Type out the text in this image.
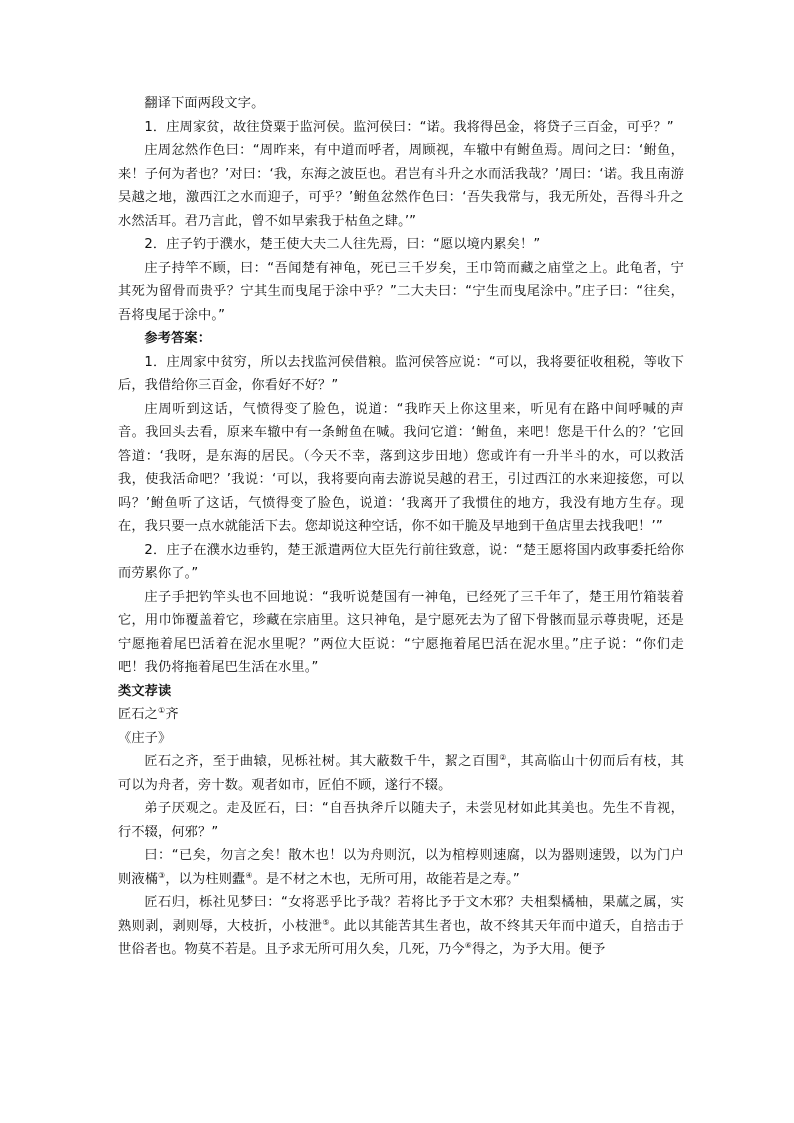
翻译下面两段文字。

1．庄周家贫，故往贷粟于监河侯。监河侯曰：“诺。我将得邑金，将贷子三百金，可乎？”

庄周忿然作色曰：“周昨来，有中道而呼者，周顾视，车辙中有鲋鱼焉。周问之曰：‘鲋鱼，来！子何为者也？’对曰：‘我，东海之波臣也。君岂有斗升之水而活我哉？’周曰：‘诺。我且南游吴越之地，激西江之水而迎子，可乎？’鲋鱼忿然作色曰：‘吾失我常与，我无所处，吾得斗升之水然活耳。君乃言此，曾不如早索我于枯鱼之肆。’”

2．庄子钓于濮水，楚王使大夫二人往先焉，曰：“愿以境内累矣！”

庄子持竿不顾，曰：“吾闻楚有神龟，死已三千岁矣，王巾笥而藏之庙堂之上。此龟者，宁其死为留骨而贵乎？宁其生而曳尾于涂中乎？”二大夫曰：“宁生而曳尾涂中。”庄子曰：“往矣，吾将曳尾于涂中。”

参考答案：

1．庄周家中贫穷，所以去找监河侯借粮。监河侯答应说：“可以，我将要征收租税，等收下后，我借给你三百金，你看好不好？”

庄周听到这话，气愤得变了脸色，说道：“我昨天上你这里来，听见有在路中间呼喊的声音。我回头去看，原来车辙中有一条鲋鱼在喊。我问它道：‘鲋鱼，来吧！您是干什么的？’它回答道：‘我呀，是东海的居民。（今天不幸，落到这步田地）您或许有一升半斗的水，可以救活我，使我活命吧？’我说：‘可以，我将要向南去游说吴越的君王，引过西江的水来迎接您，可以吗？’鲋鱼听了这话，气愤得变了脸色，说道：‘我离开了我惯住的地方，我没有地方生存。现在，我只要一点水就能活下去。您却说这种空话，你不如干脆及早地到干鱼店里去找我吧！’”

2．庄子在濮水边垂钓，楚王派遣两位大臣先行前往致意，说：“楚王愿将国内政事委托给你而劳累你了。”

庄子手把钓竿头也不回地说：“我听说楚国有一神龟，已经死了三千年了，楚王用竹箱装着它，用巾饰覆盖着它，珍藏在宗庙里。这只神龟，是宁愿死去为了留下骨骸而显示尊贵呢，还是宁愿拖着尾巴活着在泥水里呢？”两位大臣说：“宁愿拖着尾巴活在泥水里。”庄子说：“你们走吧！我仍将拖着尾巴生活在水里。”

类文荐读

匠石之①齐

《庄子》

匠石之齐，至于曲辕，见栎社树。其大蔽数千牛，絜之百围②，其高临山十仞而后有枝，其可以为舟者，旁十数。观者如市，匠伯不顾，遂行不辍。

弟子厌观之。走及匠石，曰：“自吾执斧斤以随夫子，未尝见材如此其美也。先生不肯视，行不辍，何邪？”

曰：“已矣，勿言之矣！散木也！以为舟则沉，以为棺椁则速腐，以为器则速毁，以为门户则液樠③，以为柱则蠹④。是不材之木也，无所可用，故能若是之寿。”

匠石归，栎社见梦曰：“女将恶乎比予哉？若将比予于文木邪？夫柤梨橘柚，果蓏之属，实熟则剥，剥则辱，大枝折，小枝泄⑤。此以其能苦其生者也，故不终其天年而中道夭，自掊击于世俗者也。物莫不若是。且予求无所可用久矣，几死，乃今⑥得之，为予大用。便予
